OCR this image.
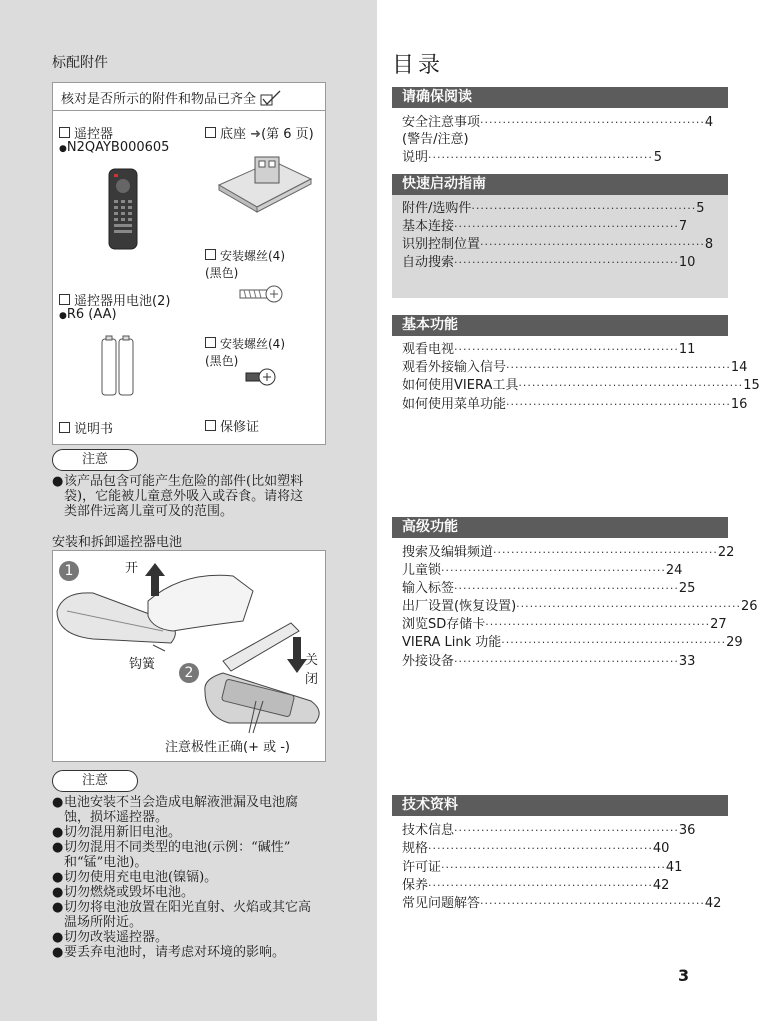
标配附件
核对是否所示的附件和物品已齐全
遥控器
●N2QAYB000605
底座 ➜(第 6 页)
安装螺丝(4)
(黑色)
遥控器用电池(2)
●R6 (AA)
安装螺丝(4)
(黑色)
说明书	保修证
注意
●该产品包含可能产生危险的部件(比如塑料
袋)，它能被儿童意外吸入或吞食。请将这
类部件远离儿童可及的范围。
安装和拆卸遥控器电池
1	开
钩簧
2
关闭
注意极性正确(+ 或 -)
注意
●电池安装不当会造成电解液泄漏及电池腐
蚀，损坏遥控器。
●切勿混用新旧电池。
●切勿混用不同类型的电池(示例：“碱性”
和“锰”电池)。
●切勿使用充电电池(镍镉)。
●切勿燃烧或毁坏电池。
●切勿将电池放置在阳光直射、火焰或其它高
温场所附近。
●切勿改装遥控器。
●要丢弃电池时，请考虑对环境的影响。
目录
请确保阅读
安全注意事项 ·················································· 4
(警告/注意)
说明 ·················································· 5
快速启动指南
附件/选购件 ·················································· 5
基本连接 ·················································· 7
识别控制位置 ·················································· 8
自动搜索 ·················································· 10
基本功能
观看电视 ·················································· 11
观看外接输入信号 ·················································· 14
如何使用VIERA工具 ·················································· 15
如何使用菜单功能 ·················································· 16
高级功能
搜索及编辑频道 ·················································· 22
儿童锁 ·················································· 24
输入标签 ·················································· 25
出厂设置(恢复设置) ·················································· 26
浏览SD存储卡 ·················································· 27
VIERA Link 功能 ·················································· 29
外接设备 ·················································· 33
技术资料
技术信息 ·················································· 36
规格 ·················································· 40
许可证 ·················································· 41
保养 ·················································· 42
常见问题解答 ·················································· 42
3
